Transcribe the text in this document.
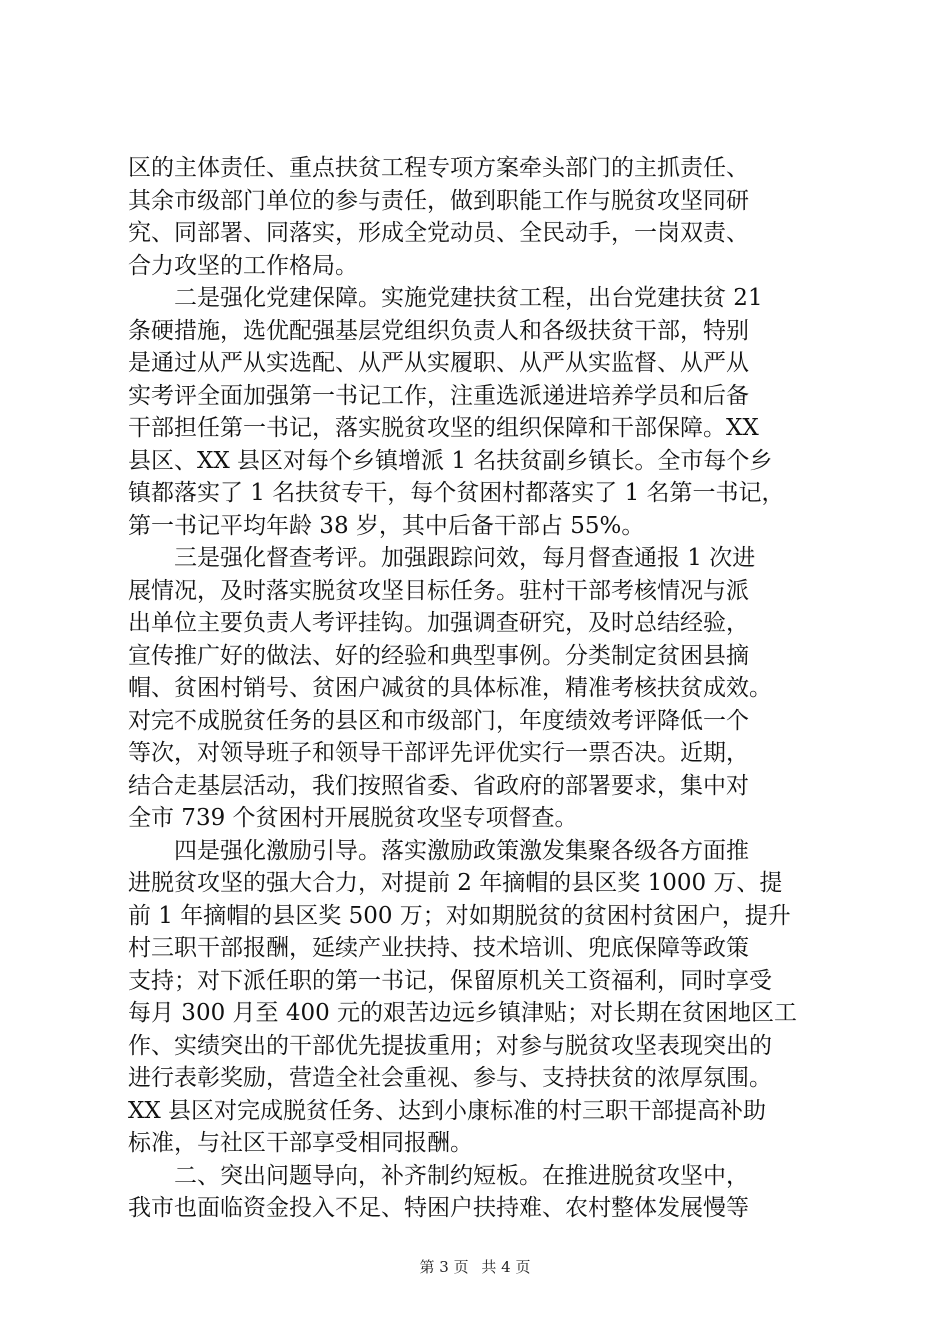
区的主体责任、重点扶贫工程专项方案牵头部门的主抓责任、
其余市级部门单位的参与责任，做到职能工作与脱贫攻坚同研
究、同部署、同落实，形成全党动员、全民动手，一岗双责、
合力攻坚的工作格局。
　　二是强化党建保障。实施党建扶贫工程，出台党建扶贫 21
条硬措施，选优配强基层党组织负责人和各级扶贫干部，特别
是通过从严从实选配、从严从实履职、从严从实监督、从严从
实考评全面加强第一书记工作，注重选派递进培养学员和后备
干部担任第一书记，落实脱贫攻坚的组织保障和干部保障。XX
县区、XX 县区对每个乡镇增派 1 名扶贫副乡镇长。全市每个乡
镇都落实了 1 名扶贫专干，每个贫困村都落实了 1 名第一书记，
第一书记平均年龄 38 岁，其中后备干部占 55%。
　　三是强化督查考评。加强跟踪问效，每月督查通报 1 次进
展情况，及时落实脱贫攻坚目标任务。驻村干部考核情况与派
出单位主要负责人考评挂钩。加强调查研究，及时总结经验，
宣传推广好的做法、好的经验和典型事例。分类制定贫困县摘
帽、贫困村销号、贫困户减贫的具体标准，精准考核扶贫成效。
对完不成脱贫任务的县区和市级部门，年度绩效考评降低一个
等次，对领导班子和领导干部评先评优实行一票否决。近期，
结合走基层活动，我们按照省委、省政府的部署要求，集中对
全市 739 个贫困村开展脱贫攻坚专项督查。
　　四是强化激励引导。落实激励政策激发集聚各级各方面推
进脱贫攻坚的强大合力，对提前 2 年摘帽的县区奖 1000 万、提
前 1 年摘帽的县区奖 500 万；对如期脱贫的贫困村贫困户，提升
村三职干部报酬，延续产业扶持、技术培训、兜底保障等政策
支持；对下派任职的第一书记，保留原机关工资福利，同时享受
每月 300 月至 400 元的艰苦边远乡镇津贴；对长期在贫困地区工
作、实绩突出的干部优先提拔重用；对参与脱贫攻坚表现突出的
进行表彰奖励，营造全社会重视、参与、支持扶贫的浓厚氛围。
XX 县区对完成脱贫任务、达到小康标准的村三职干部提高补助
标准，与社区干部享受相同报酬。
　　二、突出问题导向，补齐制约短板。在推进脱贫攻坚中，
我市也面临资金投入不足、特困户扶持难、农村整体发展慢等
第 3 页 共 4 页
